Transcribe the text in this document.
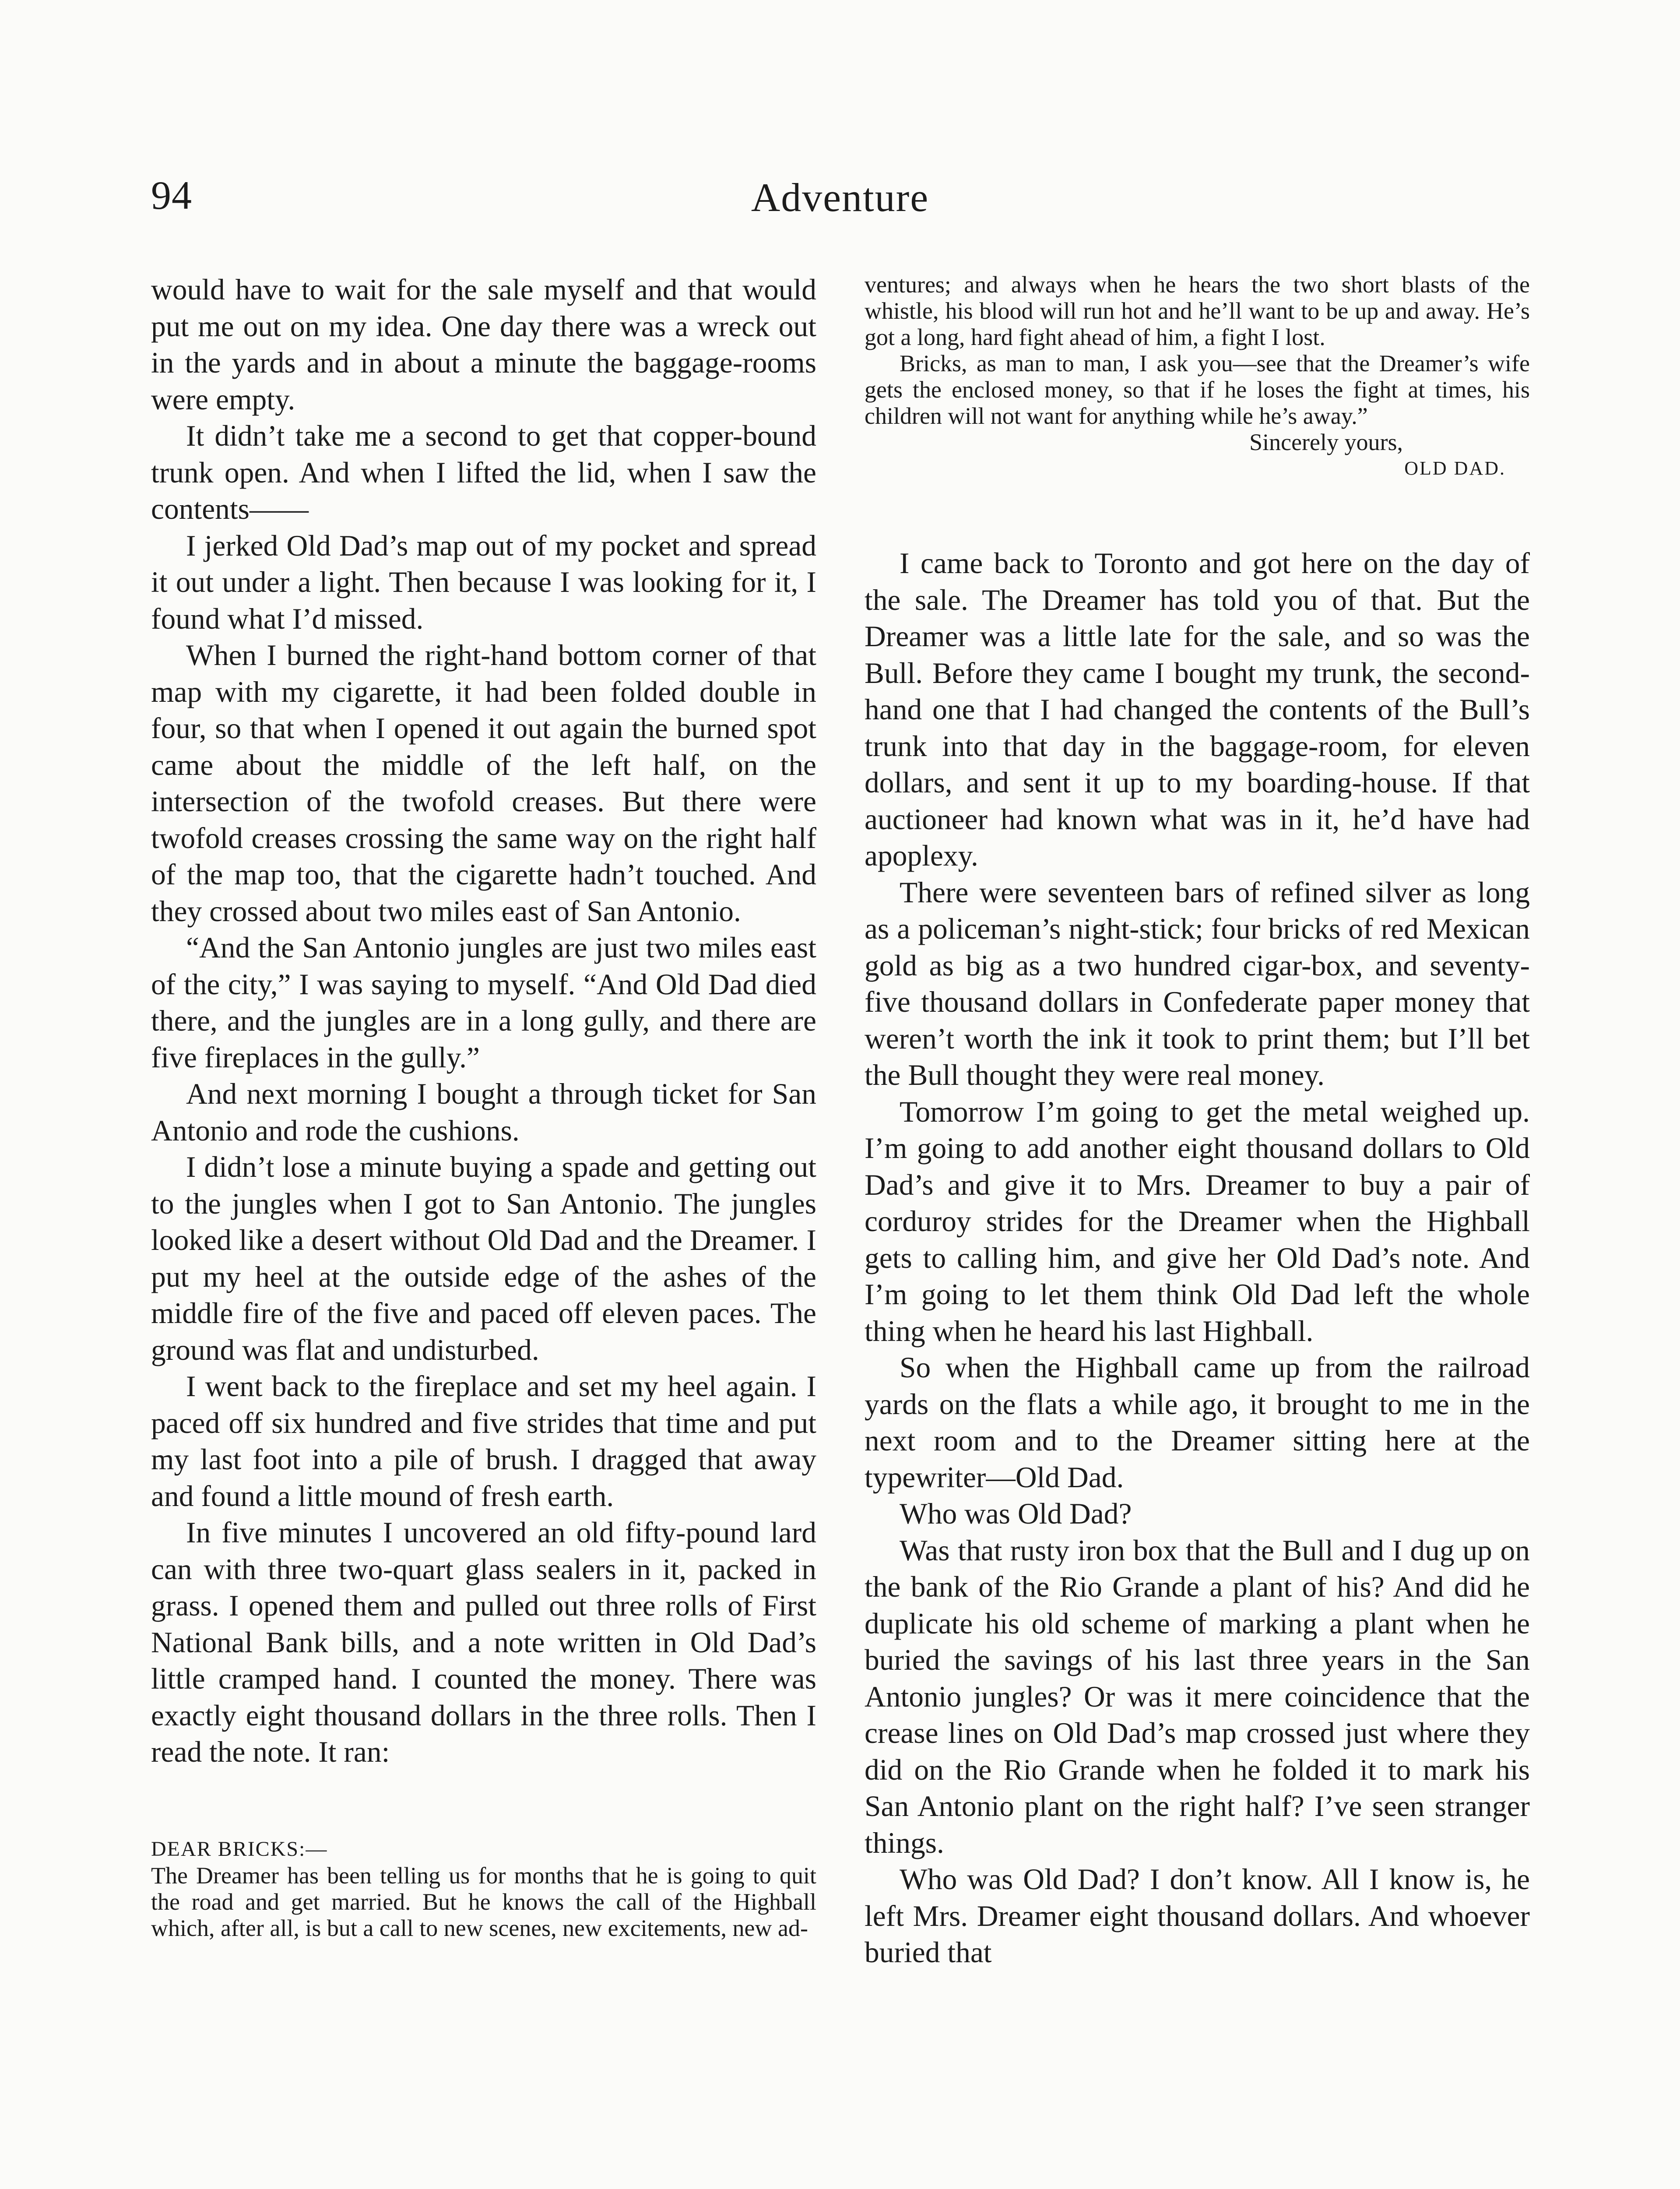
94	Adventure

would have to wait for the sale myself and that would put me out on my idea. One day there was a wreck out in the yards and in about a minute the baggage-rooms were empty.

It didn’t take me a second to get that copper-bound trunk open. And when I lifted the lid, when I saw the contents——

I jerked Old Dad’s map out of my pocket and spread it out under a light. Then because I was looking for it, I found what I’d missed.

When I burned the right-hand bottom corner of that map with my cigarette, it had been folded double in four, so that when I opened it out again the burned spot came about the middle of the left half, on the intersection of the twofold creases. But there were twofold creases crossing the same way on the right half of the map too, that the cigarette hadn’t touched. And they crossed about two miles east of San Antonio.

“And the San Antonio jungles are just two miles east of the city,” I was saying to myself. “And Old Dad died there, and the jungles are in a long gully, and there are five fireplaces in the gully.”

And next morning I bought a through ticket for San Antonio and rode the cushions.

I didn’t lose a minute buying a spade and getting out to the jungles when I got to San Antonio. The jungles looked like a desert without Old Dad and the Dreamer. I put my heel at the outside edge of the ashes of the middle fire of the five and paced off eleven paces. The ground was flat and undisturbed.

I went back to the fireplace and set my heel again. I paced off six hundred and five strides that time and put my last foot into a pile of brush. I dragged that away and found a little mound of fresh earth.

In five minutes I uncovered an old fifty-pound lard can with three two-quart glass sealers in it, packed in grass. I opened them and pulled out three rolls of First National Bank bills, and a note written in Old Dad’s little cramped hand. I counted the money. There was exactly eight thousand dollars in the three rolls. Then I read the note. It ran:

DEAR BRICKS:—

The Dreamer has been telling us for months that he is going to quit the road and get married. But he knows the call of the Highball which, after all, is but a call to new scenes, new excitements, new ad-

ventures; and always when he hears the two short blasts of the whistle, his blood will run hot and he’ll want to be up and away. He’s got a long, hard fight ahead of him, a fight I lost.

Bricks, as man to man, I ask you—see that the Dreamer’s wife gets the enclosed money, so that if he loses the fight at times, his children will not want for anything while he’s away.”

Sincerely yours,

OLD DAD.

I came back to Toronto and got here on the day of the sale. The Dreamer has told you of that. But the Dreamer was a little late for the sale, and so was the Bull. Before they came I bought my trunk, the second-hand one that I had changed the contents of the Bull’s trunk into that day in the baggage-room, for eleven dollars, and sent it up to my boarding-house. If that auctioneer had known what was in it, he’d have had apoplexy.

There were seventeen bars of refined silver as long as a policeman’s night-stick; four bricks of red Mexican gold as big as a two hundred cigar-box, and seventy-five thousand dollars in Confederate paper money that weren’t worth the ink it took to print them; but I’ll bet the Bull thought they were real money.

Tomorrow I’m going to get the metal weighed up. I’m going to add another eight thousand dollars to Old Dad’s and give it to Mrs. Dreamer to buy a pair of corduroy strides for the Dreamer when the Highball gets to calling him, and give her Old Dad’s note. And I’m going to let them think Old Dad left the whole thing when he heard his last Highball.

So when the Highball came up from the railroad yards on the flats a while ago, it brought to me in the next room and to the Dreamer sitting here at the typewriter—Old Dad.

Who was Old Dad?

Was that rusty iron box that the Bull and I dug up on the bank of the Rio Grande a plant of his? And did he duplicate his old scheme of marking a plant when he buried the savings of his last three years in the San Antonio jungles? Or was it mere coincidence that the crease lines on Old Dad’s map crossed just where they did on the Rio Grande when he folded it to mark his San Antonio plant on the right half? I’ve seen stranger things.

Who was Old Dad? I don’t know. All I know is, he left Mrs. Dreamer eight thousand dollars. And whoever buried that
